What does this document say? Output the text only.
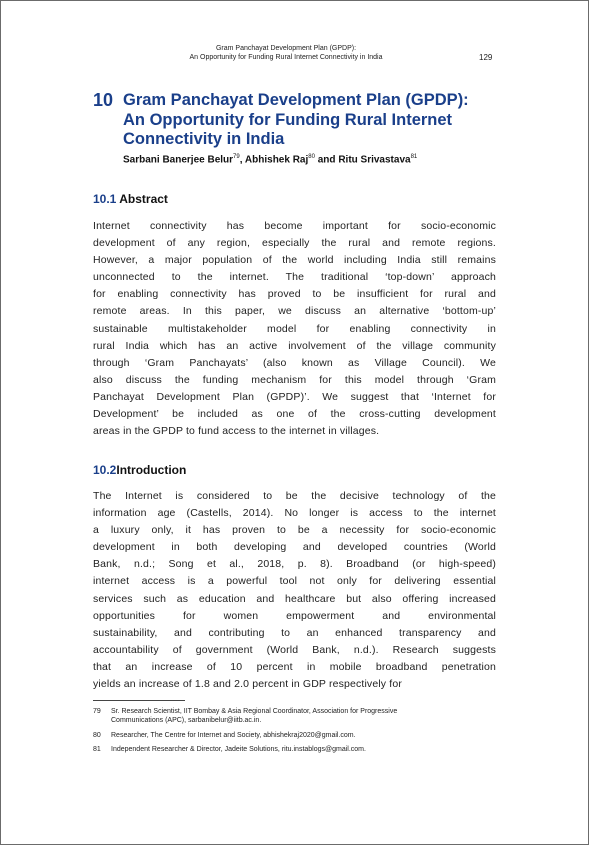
Gram Panchayat Development Plan (GPDP):
An Opportunity for Funding Rural Internet Connectivity in India	129
10 Gram Panchayat Development Plan (GPDP):
An Opportunity for Funding Rural Internet
Connectivity in India
Sarbani Banerjee Belur$^{79}$, Abhishek Raj$^{80}$ and Ritu Srivastava$^{81}$
10.1 Abstract
Internet connectivity has become important for socio-economic
development of any region, especially the rural and remote regions.
However, a major population of the world including India still remains
unconnected to the internet. The traditional ‘top-down’ approach
for enabling connectivity has proved to be insufficient for rural and
remote areas. In this paper, we discuss an alternative ‘bottom-up’
sustainable multistakeholder model for enabling connectivity in
rural India which has an active involvement of the village community
through ‘Gram Panchayats’ (also known as Village Council). We
also discuss the funding mechanism for this model through ‘Gram
Panchayat Development Plan (GPDP)’. We suggest that ‘Internet for
Development’ be included as one of the cross-cutting development
areas in the GPDP to fund access to the internet in villages.
10.2Introduction
The Internet is considered to be the decisive technology of the
information age (Castells, 2014). No longer is access to the internet
a luxury only, it has proven to be a necessity for socio-economic
development in both developing and developed countries (World
Bank, n.d.; Song et al., 2018, p. 8). Broadband (or high-speed)
internet access is a powerful tool not only for delivering essential
services such as education and healthcare but also offering increased
opportunities for women empowerment and environmental
sustainability, and contributing to an enhanced transparency and
accountability of government (World Bank, n.d.). Research suggests
that an increase of 10 percent in mobile broadband penetration
yields an increase of 1.8 and 2.0 percent in GDP respectively for
79 Sr. Research Scientist, IIT Bombay & Asia Regional Coordinator, Association for Progressive
Communications (APC), sarbanibelur@iitb.ac.in.
80 Researcher, The Centre for Internet and Society, abhishekraj2020@gmail.com.
81 Independent Researcher & Director, Jadeite Solutions, ritu.instablogs@gmail.com.
